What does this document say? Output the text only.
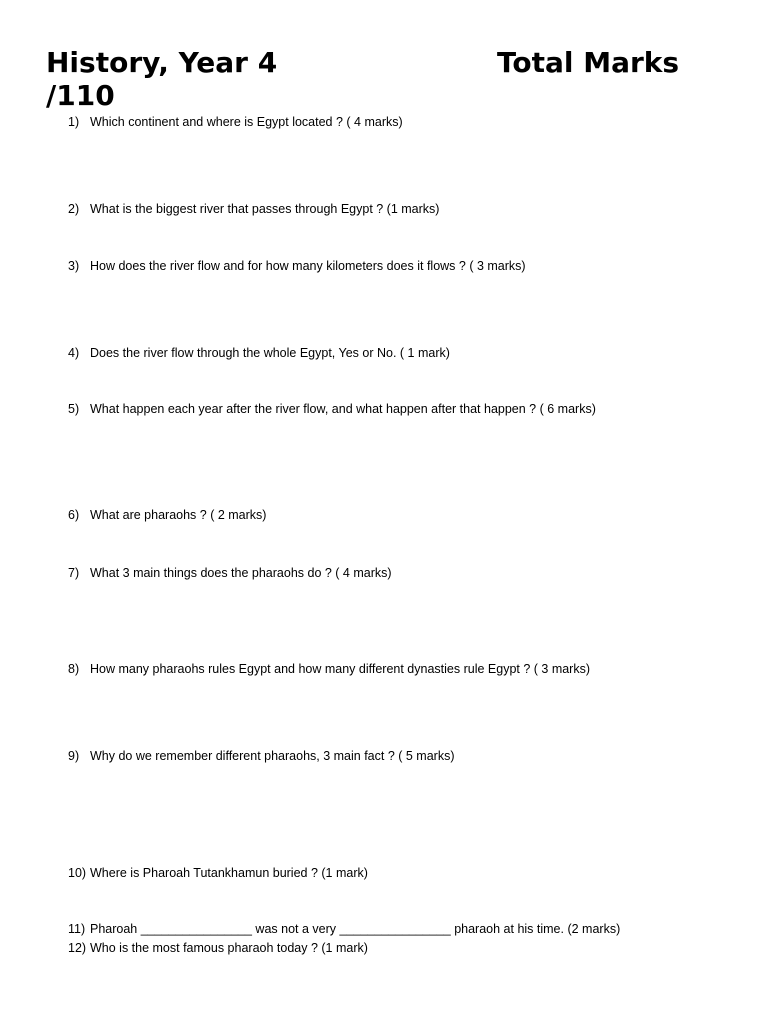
History, Year 4	Total Marks
/110
1) Which continent and where is Egypt located ? ( 4 marks)
2) What is the biggest river that passes through Egypt ? (1 marks)
3) How does the river flow and for how many kilometers does it flows ? ( 3 marks)
4) Does the river flow through the whole Egypt, Yes or No. ( 1 mark)
5) What happen each year after the river flow, and what happen after that happen ? ( 6 marks)
6) What are pharaohs ? ( 2 marks)
7) What 3 main things does the pharaohs do ? ( 4 marks)
8) How many pharaohs rules Egypt and how many different dynasties rule Egypt ? ( 3 marks)
9) Why do we remember different pharaohs, 3 main fact ? ( 5 marks)
10) Where is Pharoah Tutankhamun buried ? (1 mark)
11) Pharoah ________________ was not a very ________________ pharaoh at his time. (2 marks)
12) Who is the most famous pharaoh today ? (1 mark)
